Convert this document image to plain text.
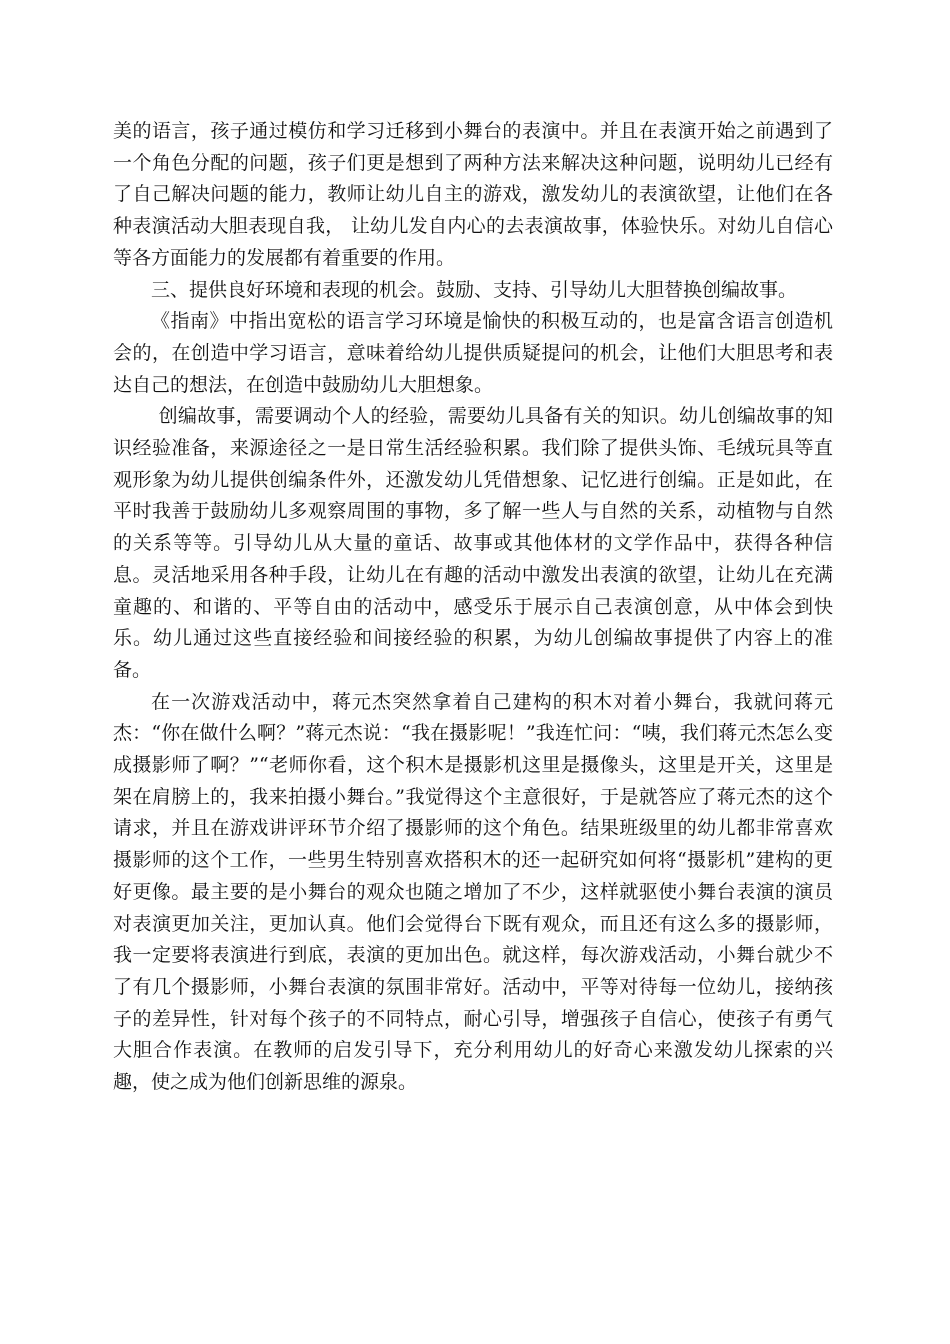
美的语言，孩子通过模仿和学习迁移到小舞台的表演中。并且在表演开始之前遇到了一个角色分配的问题，孩子们更是想到了两种方法来解决这种问题，说明幼儿已经有了自己解决问题的能力，教师让幼儿自主的游戏，激发幼儿的表演欲望，让他们在各种表演活动大胆表现自我， 让幼儿发自内心的去表演故事，体验快乐。对幼儿自信心等各方面能力的发展都有着重要的作用。

三、提供良好环境和表现的机会。鼓励、支持、引导幼儿大胆替换创编故事。

《指南》中指出宽松的语言学习环境是愉快的积极互动的，也是富含语言创造机会的，在创造中学习语言，意味着给幼儿提供质疑提问的机会，让他们大胆思考和表达自己的想法，在创造中鼓励幼儿大胆想象。

创编故事，需要调动个人的经验，需要幼儿具备有关的知识。幼儿创编故事的知识经验准备，来源途径之一是日常生活经验积累。我们除了提供头饰、毛绒玩具等直观形象为幼儿提供创编条件外，还激发幼儿凭借想象、记忆进行创编。正是如此，在平时我善于鼓励幼儿多观察周围的事物，多了解一些人与自然的关系，动植物与自然的关系等等。引导幼儿从大量的童话、故事或其他体材的文学作品中，获得各种信息。灵活地采用各种手段，让幼儿在有趣的活动中激发出表演的欲望，让幼儿在充满童趣的、和谐的、平等自由的活动中，感受乐于展示自己表演创意，从中体会到快乐。幼儿通过这些直接经验和间接经验的积累，为幼儿创编故事提供了内容上的准备。

在一次游戏活动中，蒋元杰突然拿着自己建构的积木对着小舞台，我就问蒋元杰：“你在做什么啊？”蒋元杰说：“我在摄影呢！”我连忙问：“咦，我们蒋元杰怎么变成摄影师了啊？”“老师你看，这个积木是摄影机这里是摄像头，这里是开关，这里是架在肩膀上的，我来拍摄小舞台。”我觉得这个主意很好，于是就答应了蒋元杰的这个请求，并且在游戏讲评环节介绍了摄影师的这个角色。结果班级里的幼儿都非常喜欢摄影师的这个工作，一些男生特别喜欢搭积木的还一起研究如何将“摄影机”建构的更好更像。最主要的是小舞台的观众也随之增加了不少，这样就驱使小舞台表演的演员对表演更加关注，更加认真。他们会觉得台下既有观众，而且还有这么多的摄影师，我一定要将表演进行到底，表演的更加出色。就这样，每次游戏活动，小舞台就少不了有几个摄影师，小舞台表演的氛围非常好。活动中，平等对待每一位幼儿，接纳孩子的差异性，针对每个孩子的不同特点，耐心引导，增强孩子自信心，使孩子有勇气大胆合作表演。在教师的启发引导下，充分利用幼儿的好奇心来激发幼儿探索的兴趣，使之成为他们创新思维的源泉。
